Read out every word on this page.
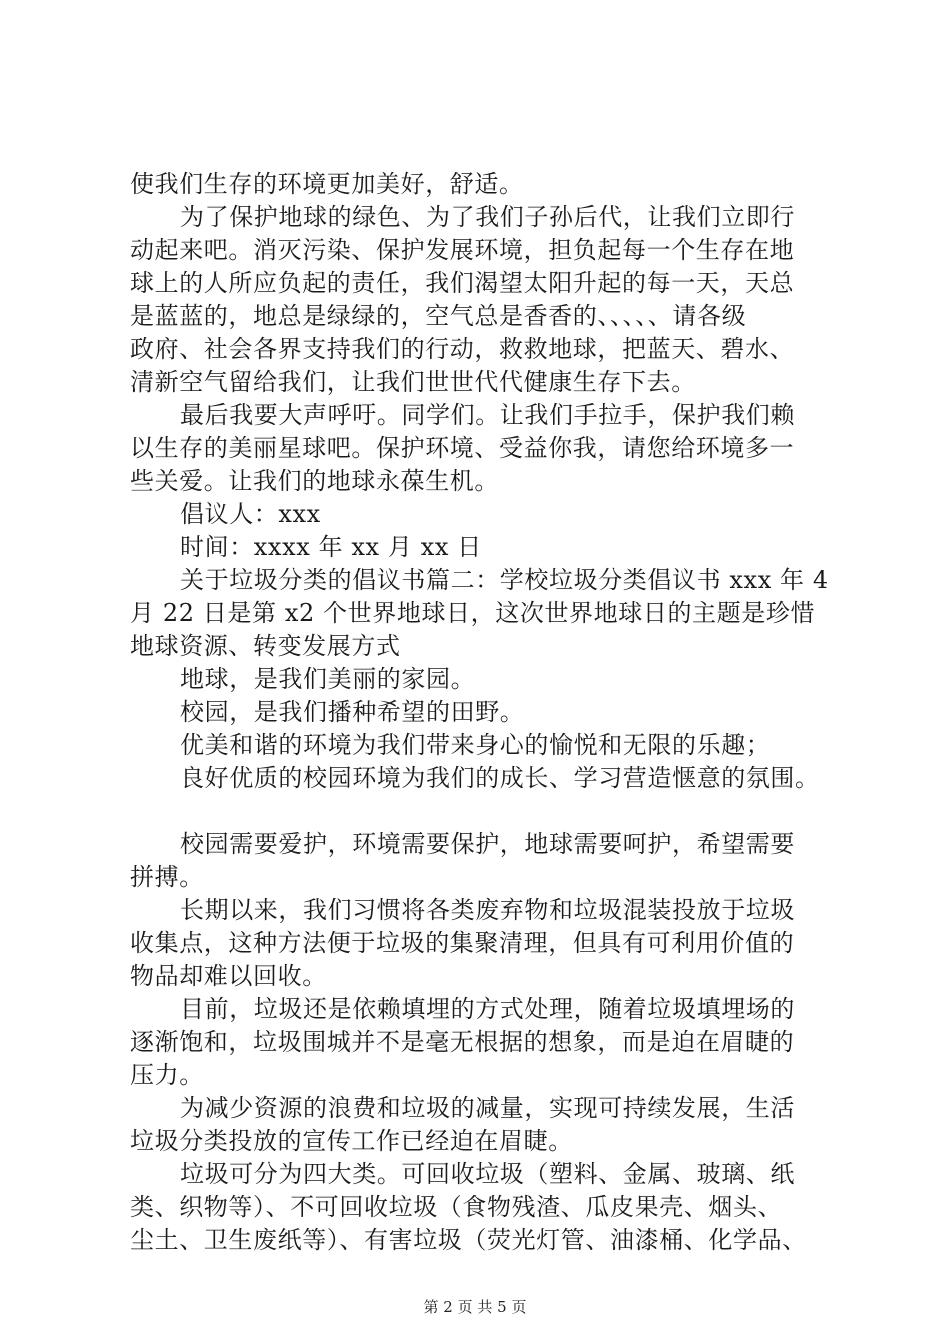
使我们生存的环境更加美好，舒适。
为了保护地球的绿色、为了我们子孙后代，让我们立即行
动起来吧。消灭污染、保护发展环境，担负起每一个生存在地
球上的人所应负起的责任，我们渴望太阳升起的每一天，天总
是蓝蓝的，地总是绿绿的，空气总是香香的、、、、、请各级
政府、社会各界支持我们的行动，救救地球，把蓝天、碧水、
清新空气留给我们，让我们世世代代健康生存下去。
最后我要大声呼吁。同学们。让我们手拉手，保护我们赖
以生存的美丽星球吧。保护环境、受益你我，请您给环境多一
些关爱。让我们的地球永葆生机。
倡议人：xxx
时间：xxxx 年 xx 月 xx 日
关于垃圾分类的倡议书篇二：学校垃圾分类倡议书 xxx 年 4
月 22 日是第 x2 个世界地球日，这次世界地球日的主题是珍惜
地球资源、转变发展方式
地球，是我们美丽的家园。
校园，是我们播种希望的田野。
优美和谐的环境为我们带来身心的愉悦和无限的乐趣；
良好优质的校园环境为我们的成长、学习营造惬意的氛围。
校园需要爱护，环境需要保护，地球需要呵护，希望需要
拼搏。
长期以来，我们习惯将各类废弃物和垃圾混装投放于垃圾
收集点，这种方法便于垃圾的集聚清理，但具有可利用价值的
物品却难以回收。
目前，垃圾还是依赖填埋的方式处理，随着垃圾填埋场的
逐渐饱和，垃圾围城并不是毫无根据的想象，而是迫在眉睫的
压力。
为减少资源的浪费和垃圾的减量，实现可持续发展，生活
垃圾分类投放的宣传工作已经迫在眉睫。
垃圾可分为四大类。可回收垃圾（塑料、金属、玻璃、纸
类、织物等）、不可回收垃圾（食物残渣、瓜皮果壳、烟头、
尘土、卫生废纸等）、有害垃圾（荧光灯管、油漆桶、化学品、
第 2 页 共 5 页
